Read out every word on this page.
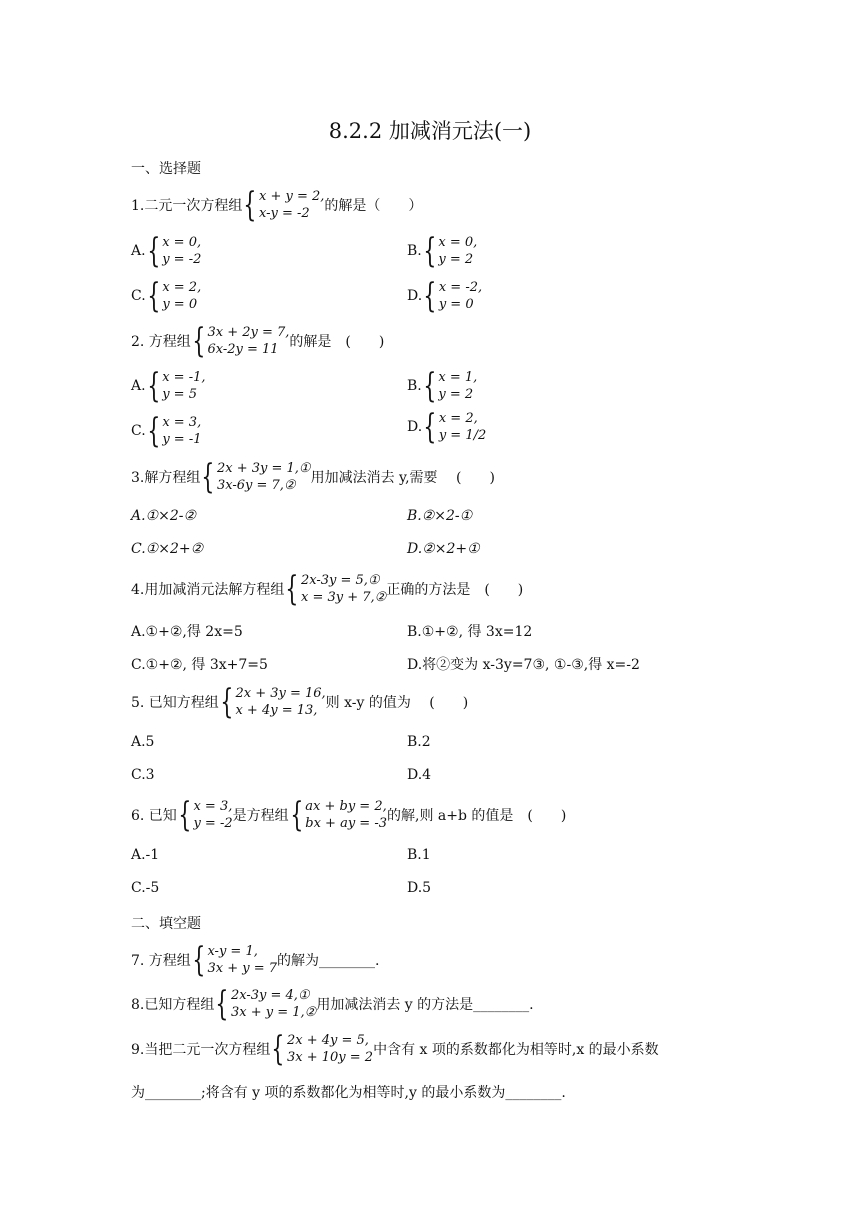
8.2.2 加减消元法(一)
一、选择题
1.二元一次方程组 { x + y = 2,
x-y = -2	的解是（　　）
A. { x = 0,
y = -2
B. { x = 0,
y = 2
C. { x = 2,
y = 0
D. { x = -2,
y = 0
2. 方程组 { 3x + 2y = 7,
6x-2y = 11 的解是　(　　)
A. { x = -1,
y = 5
B. { x = 1,
y = 2
C. { x = 3,
y = -1
D. { x = 2,
y = 1/2
3.解方程组 { 2x + 3y = 1,①
3x-6y = 7,②	用加减法消去 y,需要　 (　　)
A.①×2-②	B.②×2-①
C.①×2+②	D.②×2+①
4.用加减消元法解方程组 { 2x-3y = 5,①
x = 3y + 7,② 正确的方法是　(　　)
A.①+②,得 2x=5	B.①+②, 得 3x=12
C.①+②, 得 3x+7=5	D.将②变为 x-3y=7③, ①-③,得 x=-2
5. 已知方程组 { 2x + 3y = 16,
x + 4y = 13, 则 x-y 的值为　 (　　)
A.5	B.2
C.3	D.4
6. 已知 { x = 3,
y = -2 是方程组 { ax + by = 2,
bx + ay = -3 的解,则 a+b 的值是　(　　)
A.-1	B.1
C.-5	D.5
二、填空题
7. 方程组 { x-y = 1,
3x + y = 7 的解为________.
8.已知方程组 { 2x-3y = 4,①
3x + y = 1,② 用加减法消去 y 的方法是________.
9.当把二元一次方程组 { 2x + 4y = 5,
3x + 10y = 2 中含有 x 项的系数都化为相等时,x 的最小系数
为________;将含有 y 项的系数都化为相等时,y 的最小系数为________.
